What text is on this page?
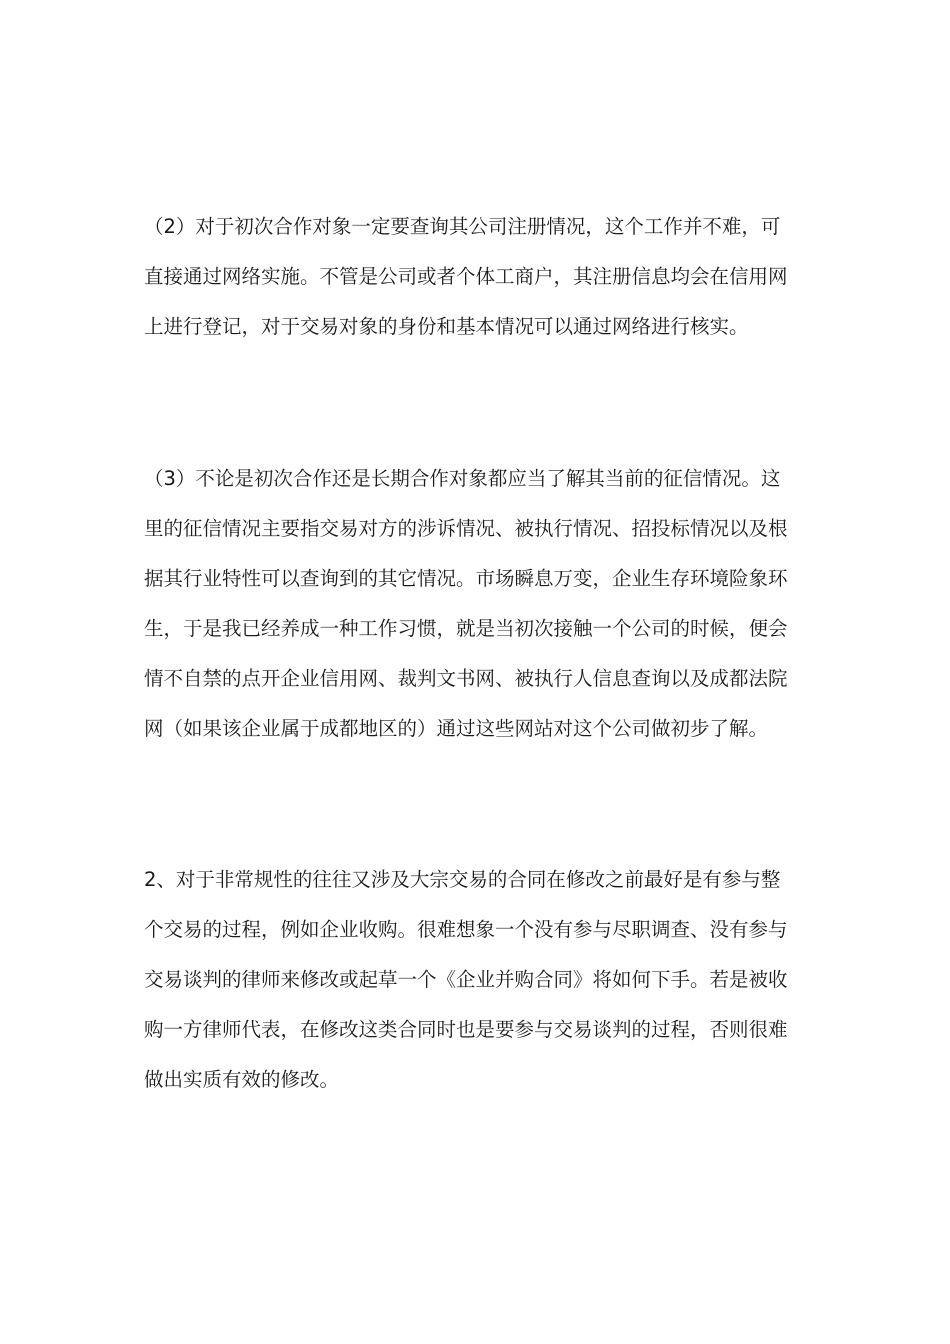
（2）对于初次合作对象一定要查询其公司注册情况，这个工作并不难，可
直接通过网络实施。不管是公司或者个体工商户，其注册信息均会在信用网
上进行登记，对于交易对象的身份和基本情况可以通过网络进行核实。
（3）不论是初次合作还是长期合作对象都应当了解其当前的征信情况。这
里的征信情况主要指交易对方的涉诉情况、被执行情况、招投标情况以及根
据其行业特性可以查询到的其它情况。市场瞬息万变，企业生存环境险象环
生，于是我已经养成一种工作习惯，就是当初次接触一个公司的时候，便会
情不自禁的点开企业信用网、裁判文书网、被执行人信息查询以及成都法院
网（如果该企业属于成都地区的）通过这些网站对这个公司做初步了解。
2、对于非常规性的往往又涉及大宗交易的合同在修改之前最好是有参与整
个交易的过程，例如企业收购。很难想象一个没有参与尽职调查、没有参与
交易谈判的律师来修改或起草一个《企业并购合同》将如何下手。若是被收
购一方律师代表，在修改这类合同时也是要参与交易谈判的过程，否则很难
做出实质有效的修改。
